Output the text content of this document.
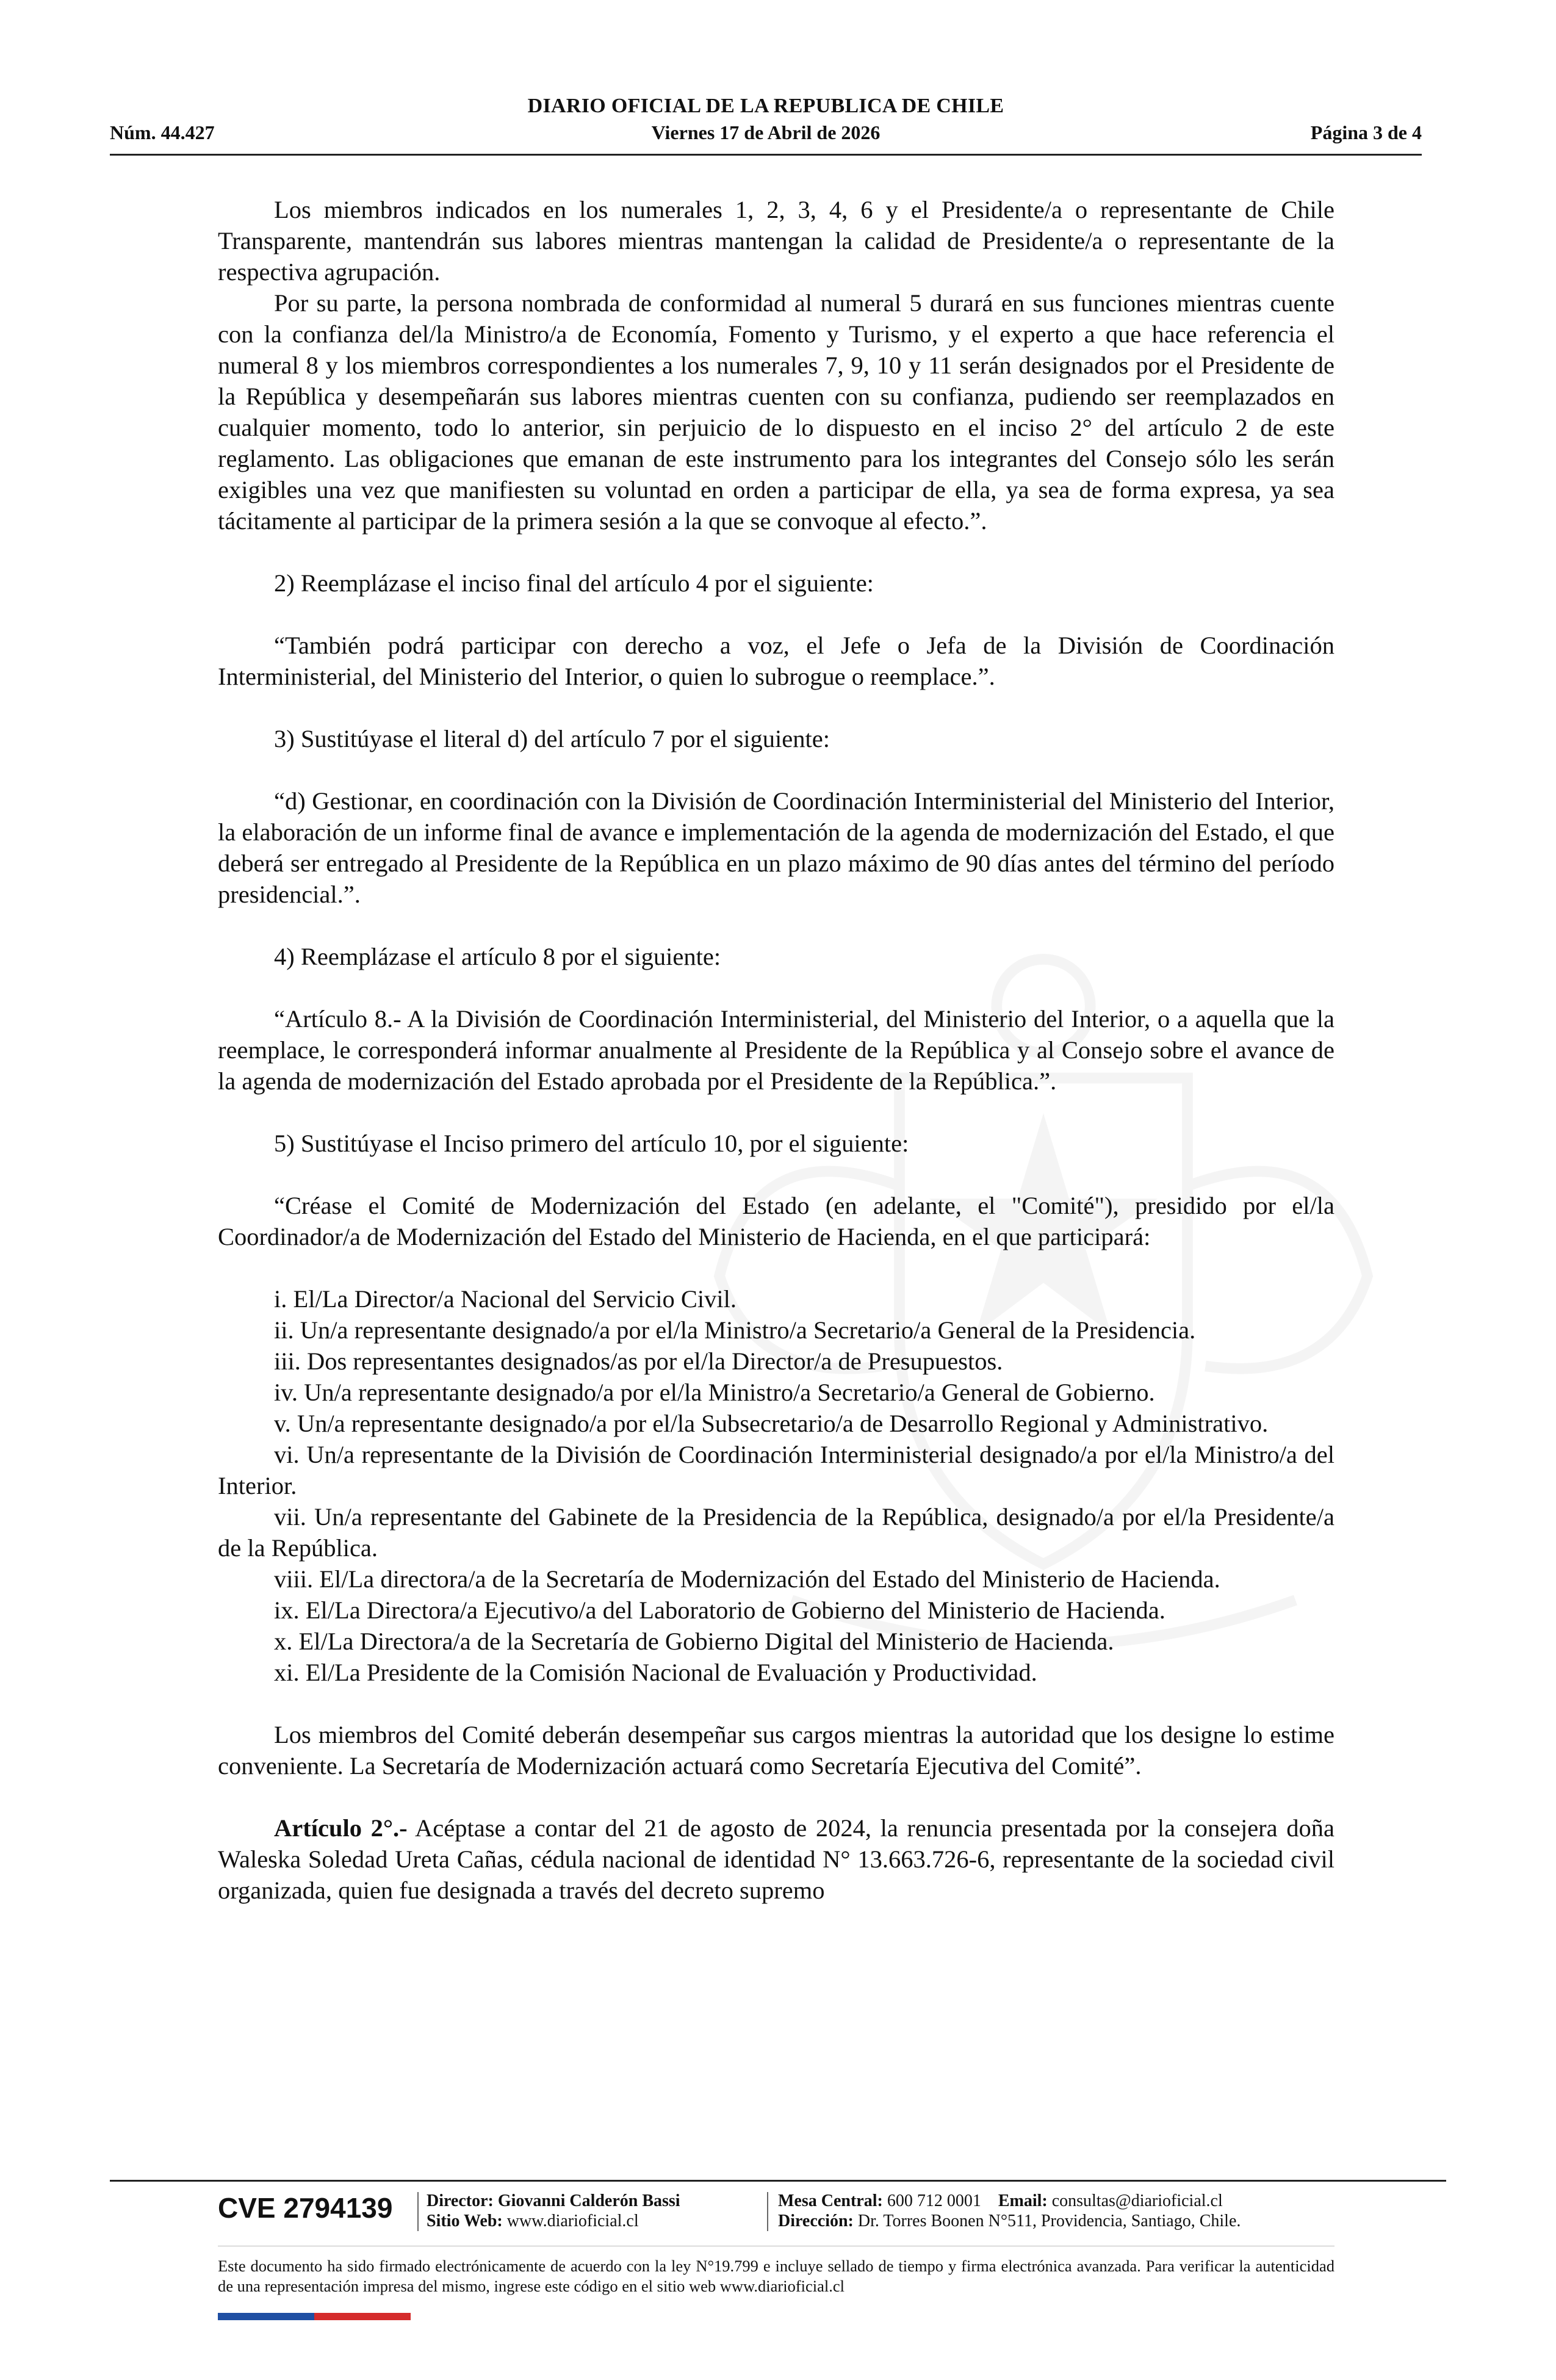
DIARIO OFICIAL DE LA REPUBLICA DE CHILE
Núm. 44.427	Viernes 17 de Abril de 2026	Página 3 de 4

Los miembros indicados en los numerales 1, 2, 3, 4, 6 y el Presidente/a o representante de Chile Transparente, mantendrán sus labores mientras mantengan la calidad de Presidente/a o representante de la respectiva agrupación.

Por su parte, la persona nombrada de conformidad al numeral 5 durará en sus funciones mientras cuente con la confianza del/la Ministro/a de Economía, Fomento y Turismo, y el experto a que hace referencia el numeral 8 y los miembros correspondientes a los numerales 7, 9, 10 y 11 serán designados por el Presidente de la República y desempeñarán sus labores mientras cuenten con su confianza, pudiendo ser reemplazados en cualquier momento, todo lo anterior, sin perjuicio de lo dispuesto en el inciso 2° del artículo 2 de este reglamento. Las obligaciones que emanan de este instrumento para los integrantes del Consejo sólo les serán exigibles una vez que manifiesten su voluntad en orden a participar de ella, ya sea de forma expresa, ya sea tácitamente al participar de la primera sesión a la que se convoque al efecto.”.

2) Reemplázase el inciso final del artículo 4 por el siguiente:

“También podrá participar con derecho a voz, el Jefe o Jefa de la División de Coordinación Interministerial, del Ministerio del Interior, o quien lo subrogue o reemplace.”.

3) Sustitúyase el literal d) del artículo 7 por el siguiente:

“d) Gestionar, en coordinación con la División de Coordinación Interministerial del Ministerio del Interior, la elaboración de un informe final de avance e implementación de la agenda de modernización del Estado, el que deberá ser entregado al Presidente de la República en un plazo máximo de 90 días antes del término del período presidencial.”.

4) Reemplázase el artículo 8 por el siguiente:

“Artículo 8.- A la División de Coordinación Interministerial, del Ministerio del Interior, o a aquella que la reemplace, le corresponderá informar anualmente al Presidente de la República y al Consejo sobre el avance de la agenda de modernización del Estado aprobada por el Presidente de la República.”.

5) Sustitúyase el Inciso primero del artículo 10, por el siguiente:

“Créase el Comité de Modernización del Estado (en adelante, el "Comité"), presidido por el/la Coordinador/a de Modernización del Estado del Ministerio de Hacienda, en el que participará:

i. El/La Director/a Nacional del Servicio Civil.

ii. Un/a representante designado/a por el/la Ministro/a Secretario/a General de la Presidencia.

iii. Dos representantes designados/as por el/la Director/a de Presupuestos.

iv. Un/a representante designado/a por el/la Ministro/a Secretario/a General de Gobierno.

v. Un/a representante designado/a por el/la Subsecretario/a de Desarrollo Regional y Administrativo.

vi. Un/a representante de la División de Coordinación Interministerial designado/a por el/la Ministro/a del Interior.

vii. Un/a representante del Gabinete de la Presidencia de la República, designado/a por el/la Presidente/a de la República.

viii. El/La directora/a de la Secretaría de Modernización del Estado del Ministerio de Hacienda.

ix. El/La Directora/a Ejecutivo/a del Laboratorio de Gobierno del Ministerio de Hacienda.

x. El/La Directora/a de la Secretaría de Gobierno Digital del Ministerio de Hacienda.

xi. El/La Presidente de la Comisión Nacional de Evaluación y Productividad.

Los miembros del Comité deberán desempeñar sus cargos mientras la autoridad que los designe lo estime conveniente. La Secretaría de Modernización actuará como Secretaría Ejecutiva del Comité”.

Artículo 2°.- Acéptase a contar del 21 de agosto de 2024, la renuncia presentada por la consejera doña Waleska Soledad Ureta Cañas, cédula nacional de identidad N° 13.663.726-6, representante de la sociedad civil organizada, quien fue designada a través del decreto supremo

CVE 2794139 Director: Giovanni Calderón Bassi
Sitio Web: www.diarioficial.cl
Mesa Central: 600 712 0001 Email: consultas@diarioficial.cl
Dirección: Dr. Torres Boonen N°511, Providencia, Santiago, Chile.
Este documento ha sido firmado electrónicamente de acuerdo con la ley N°19.799 e incluye sellado de tiempo y firma electrónica avanzada. Para verificar la autenticidad de una representación impresa del mismo, ingrese este código en el sitio web www.diarioficial.cl
